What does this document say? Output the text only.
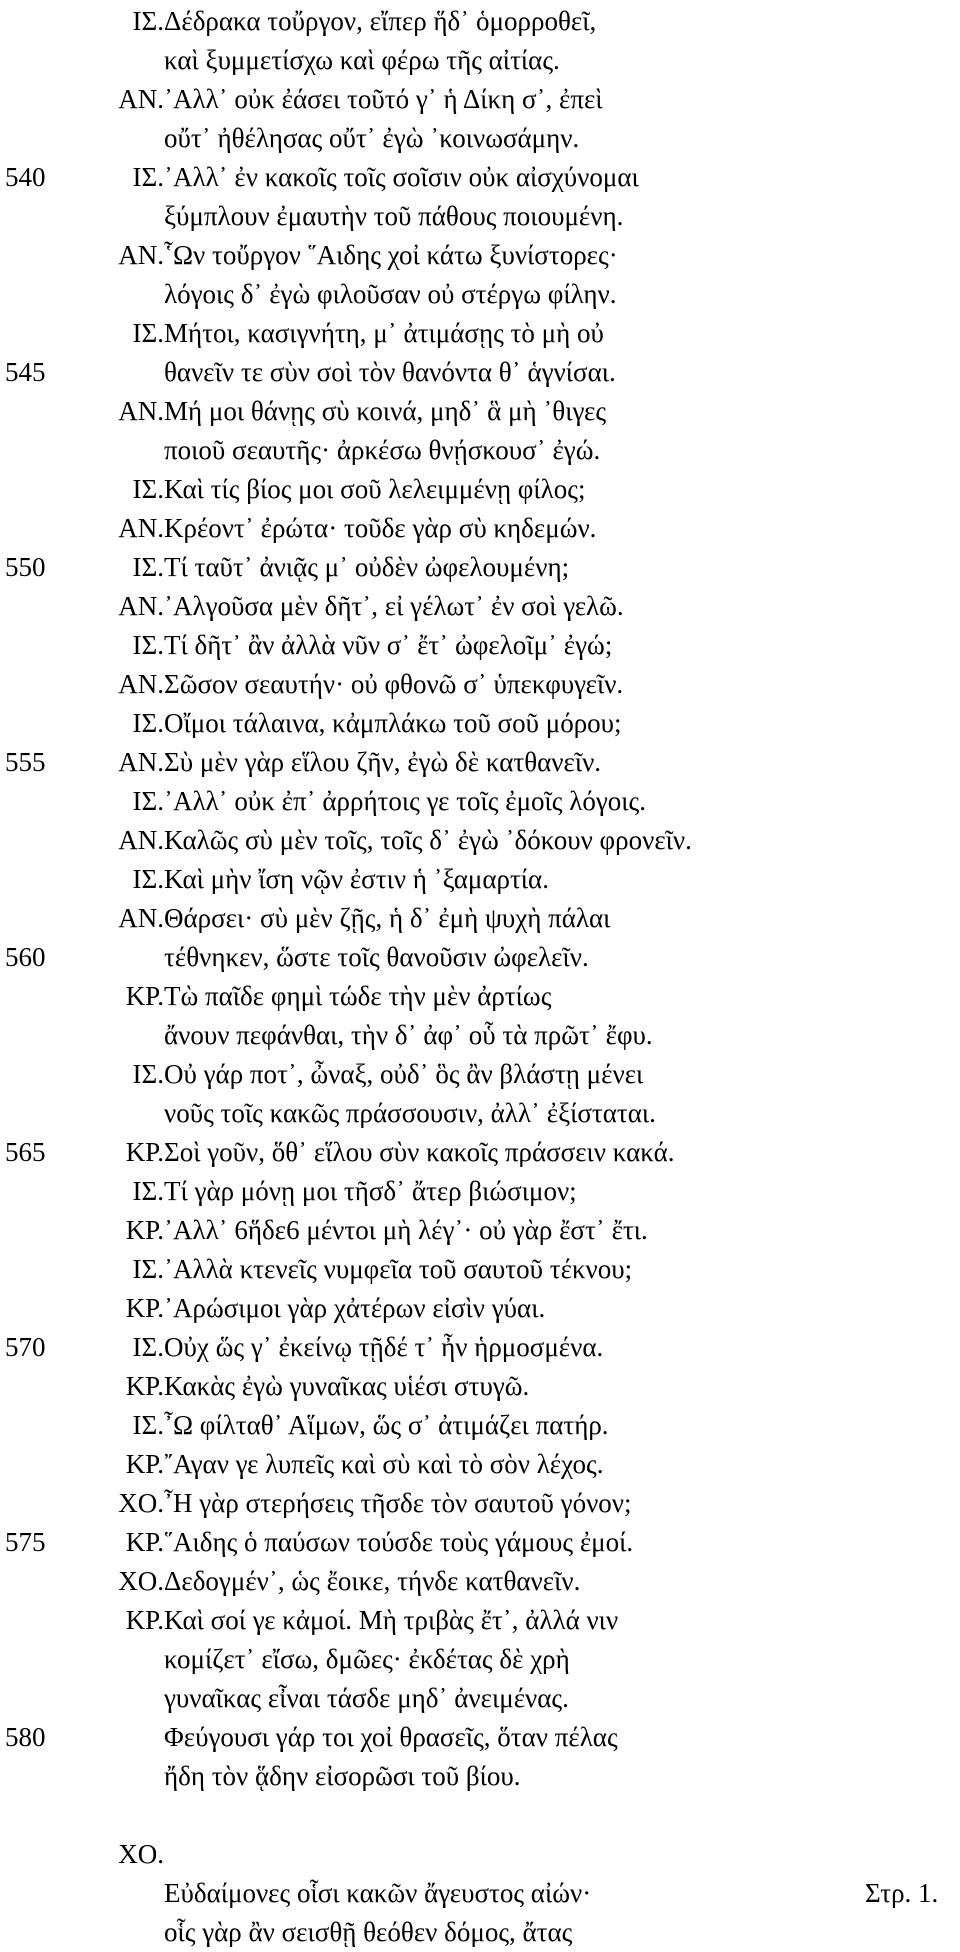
ΙΣ. Δέδρακα τοὔργον, εἴπερ ἥδ᾽ ὁμορροθεῖ,
καὶ ξυμμετίσχω καὶ φέρω τῆς αἰτίας.
ΑΝ. ᾽Αλλ᾽ οὐκ ἐάσει τοῦτό γ᾽ ἡ Δίκη σ᾽, ἐπεὶ
οὔτ᾽ ἠθέλησας οὔτ᾽ ἐγὼ ᾽κοινωσάμην.
540	ΙΣ. ᾽Αλλ᾽ ἐν κακοῖς τοῖς σοῖσιν οὐκ αἰσχύνομαι
ξύμπλουν ἐμαυτὴν τοῦ πάθους ποιουμένη.
ΑΝ. ῟Ων τοὔργον ῞Αιδης χοἰ κάτω ξυνίστορες·
λόγοις δ᾽ ἐγὼ φιλοῦσαν οὐ στέργω φίλην.
ΙΣ. Μήτοι, κασιγνήτη, μ᾽ ἀτιμάσῃς τὸ μὴ οὐ
545	θανεῖν τε σὺν σοὶ τὸν θανόντα θ᾽ ἁγνίσαι.
ΑΝ. Μή μοι θάνῃς σὺ κοινά, μηδ᾽ ἃ μὴ ᾽θιγες
ποιοῦ σεαυτῆς· ἀρκέσω θνῄσκουσ᾽ ἐγώ.
ΙΣ. Καὶ τίς βίος μοι σοῦ λελειμμένῃ φίλος;
ΑΝ. Κρέοντ᾽ ἐρώτα· τοῦδε γὰρ σὺ κηδεμών.
550	ΙΣ. Τί ταῦτ᾽ ἀνιᾷς μ᾽ οὐδὲν ὠφελουμένη;
ΑΝ. ᾽Αλγοῦσα μὲν δῆτ᾽, εἰ γέλωτ᾽ ἐν σοὶ γελῶ.
ΙΣ. Τί δῆτ᾽ ἂν ἀλλὰ νῦν σ᾽ ἔτ᾽ ὠφελοῖμ᾽ ἐγώ;
ΑΝ. Σῶσον σεαυτήν· οὐ φθονῶ σ᾽ ὑπεκφυγεῖν.
ΙΣ. Οἴμοι τάλαινα, κἀμπλάκω τοῦ σοῦ μόρου;
555	ΑΝ. Σὺ μὲν γὰρ εἵλου ζῆν, ἐγὼ δὲ κατθανεῖν.
ΙΣ. ᾽Αλλ᾽ οὐκ ἐπ᾽ ἀρρήτοις γε τοῖς ἐμοῖς λόγοις.
ΑΝ. Καλῶς σὺ μὲν τοῖς, τοῖς δ᾽ ἐγὼ ᾽δόκουν φρονεῖν.
ΙΣ. Καὶ μὴν ἴση νῷν ἐστιν ἡ ᾽ξαμαρτία.
ΑΝ. Θάρσει· σὺ μὲν ζῇς, ἡ δ᾽ ἐμὴ ψυχὴ πάλαι
560	τέθνηκεν, ὥστε τοῖς θανοῦσιν ὠφελεῖν.
ΚΡ. Τὼ παῖδε φημὶ τώδε τὴν μὲν ἀρτίως
ἄνουν πεφάνθαι, τὴν δ᾽ ἀφ᾽ οὗ τὰ πρῶτ᾽ ἔφυ.
ΙΣ. Οὐ γάρ ποτ᾽, ὦναξ, οὐδ᾽ ὃς ἂν βλάστῃ μένει
νοῦς τοῖς κακῶς πράσσουσιν, ἀλλ᾽ ἐξίσταται.
565	ΚΡ. Σοὶ γοῦν, ὅθ᾽ εἵλου σὺν κακοῖς πράσσειν κακά.
ΙΣ. Τί γὰρ μόνῃ μοι τῆσδ᾽ ἄτερ βιώσιμον;
ΚΡ. ᾽Αλλ᾽ 6ἥδε6 μέντοι μὴ λέγ᾽· οὐ γὰρ ἔστ᾽ ἔτι.
ΙΣ. ᾽Αλλὰ κτενεῖς νυμφεῖα τοῦ σαυτοῦ τέκνου;
ΚΡ. ᾽Αρώσιμοι γὰρ χἀτέρων εἰσὶν γύαι.
570	ΙΣ. Οὐχ ὥς γ᾽ ἐκείνῳ τῇδέ τ᾽ ἦν ἡρμοσμένα.
ΚΡ. Κακὰς ἐγὼ γυναῖκας υἱέσι στυγῶ.
ΙΣ. ῏Ω φίλταθ᾽ Αἵμων, ὥς σ᾽ ἀτιμάζει πατήρ.
ΚΡ. ῎Αγαν γε λυπεῖς καὶ σὺ καὶ τὸ σὸν λέχος.
ΧΟ. ῏Η γὰρ στερήσεις τῆσδε τὸν σαυτοῦ γόνον;
575	ΚΡ. ῞Αιδης ὁ παύσων τούσδε τοὺς γάμους ἐμοί.
ΧΟ. Δεδογμέν᾽, ὡς ἔοικε, τήνδε κατθανεῖν.
ΚΡ. Καὶ σοί γε κἀμοί. Μὴ τριβὰς ἔτ᾽, ἀλλά νιν
κομίζετ᾽ εἴσω, δμῶες· ἐκδέτας δὲ χρὴ
γυναῖκας εἶναι τάσδε μηδ᾽ ἀνειμένας.
580	Φεύγουσι γάρ τοι χοἰ θρασεῖς, ὅταν πέλας
ἤδη τὸν ᾅδην εἰσορῶσι τοῦ βίου.
ΧΟ.
Εὐδαίμονες οἷσι κακῶν ἄγευστος αἰών·	Στρ. 1.
οἷς γὰρ ἂν σεισθῇ θεόθεν δόμος, ἄτας
